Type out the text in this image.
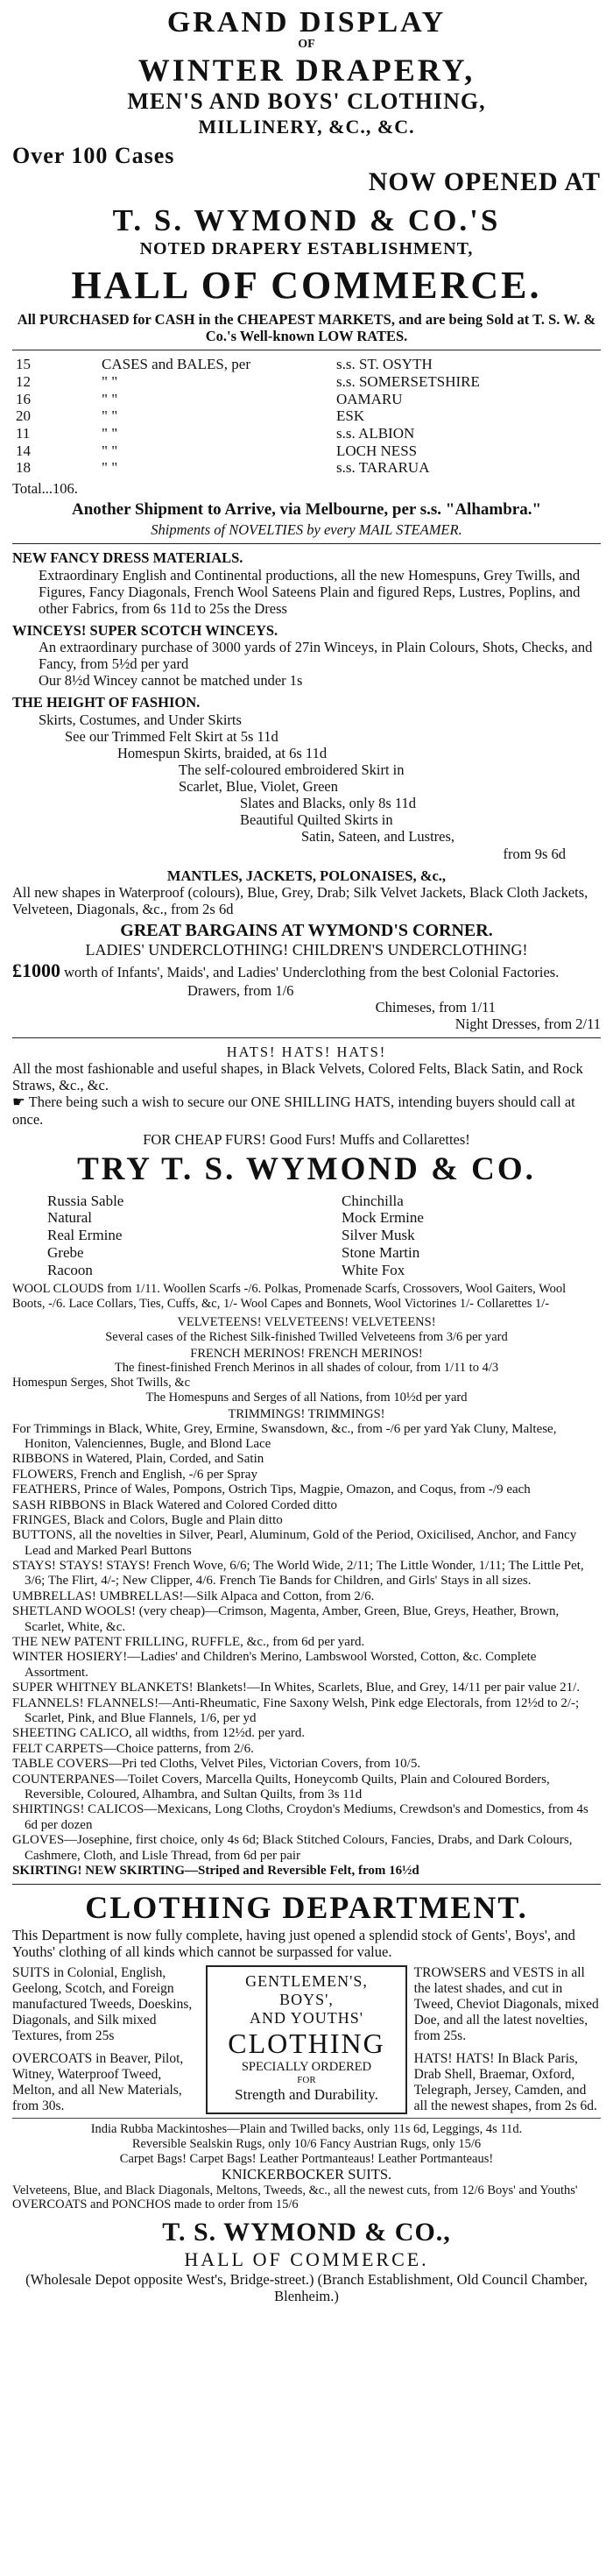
GRAND DISPLAY
OF
WINTER DRAPERY,
MEN'S AND BOYS' CLOTHING,
MILLINERY, &C., &C.
Over 100 Cases
NOW OPENED AT
T. S. WYMOND & CO.'S
NOTED DRAPERY ESTABLISHMENT,
HALL OF COMMERCE.

All PURCHASED for CASH in the CHEAPEST MARKETS, and are being Sold at T. S. W. & Co.'s Well-known LOW RATES.

15	CASES and BALES, per	s.s. ST. OSYTH
12	" "	s.s. SOMERSETSHIRE
16	" "	OAMARU
20	" "	ESK
11	" "	s.s. ALBION
14	" "	LOCH NESS
18	" "	s.s. TARARUA
Total...106.
Another Shipment to Arrive, via Melbourne, per s.s. "Alhambra."
Shipments of NOVELTIES by every MAIL STEAMER.
NEW FANCY DRESS MATERIALS.

Extraordinary English and Continental productions, all the new Homespuns, Grey Twills, and Figures, Fancy Diagonals, French Wool Sateens Plain and figured Reps, Lustres, Poplins, and other Fabrics, from 6s 11d to 25s the Dress

WINCEYS! SUPER SCOTCH WINCEYS.

An extraordinary purchase of 3000 yards of 27in Winceys, in Plain Colours, Shots, Checks, and Fancy, from 5½d per yard

Our 8½d Wincey cannot be matched under 1s

THE HEIGHT OF FASHION.
Skirts, Costumes, and Under Skirts
See our Trimmed Felt Skirt at 5s 11d
Homespun Skirts, braided, at 6s 11d
The self-coloured embroidered Skirt in
Scarlet, Blue, Violet, Green
Slates and Blacks, only 8s 11d
Beautiful Quilted Skirts in
Satin, Sateen, and Lustres,
from 9s 6d
MANTLES, JACKETS, POLONAISES, &c.,

All new shapes in Waterproof (colours), Blue, Grey, Drab; Silk Velvet Jackets, Black Cloth Jackets, Velveteen, Diagonals, &c., from 2s 6d

GREAT BARGAINS AT WYMOND'S CORNER.
LADIES' UNDERCLOTHING! CHILDREN'S UNDERCLOTHING!

£1000 worth of Infants', Maids', and Ladies' Underclothing from the best Colonial Factories.

Drawers, from 1/6
Chimeses, from 1/11
Night Dresses, from 2/11
HATS! HATS! HATS!

All the most fashionable and useful shapes, in Black Velvets, Colored Felts, Black Satin, and Rock Straws, &c., &c.

☛ There being such a wish to secure our ONE SHILLING HATS, intending buyers should call at once.

FOR CHEAP FURS! Good Furs! Muffs and Collarettes!
TRY T. S. WYMOND & CO.
Russia Sable	Chinchilla
Natural	Mock Ermine
Real Ermine	Silver Musk
Grebe	Stone Martin
Racoon	White Fox

WOOL CLOUDS from 1/11. Woollen Scarfs -/6. Polkas, Promenade Scarfs, Crossovers, Wool Gaiters, Wool Boots, -/6. Lace Collars, Ties, Cuffs, &c, 1/- Wool Capes and Bonnets, Wool Victorines 1/- Collarettes 1/-

VELVETEENS! VELVETEENS! VELVETEENS!
Several cases of the Richest Silk-finished Twilled Velveteens from 3/6 per yard
FRENCH MERINOS! FRENCH MERINOS!
The finest-finished French Merinos in all shades of colour, from 1/11 to 4/3
Homespun Serges, Shot Twills, &c
The Homespuns and Serges of all Nations, from 10½d per yard
TRIMMINGS! TRIMMINGS!

For Trimmings in Black, White, Grey, Ermine, Swansdown, &c., from -/6 per yard Yak Cluny, Maltese, Honiton, Valenciennes, Bugle, and Blond Lace

RIBBONS in Watered, Plain, Corded, and Satin

FLOWERS, French and English, -/6 per Spray

FEATHERS, Prince of Wales, Pompons, Ostrich Tips, Magpie, Omazon, and Coqus, from -/9 each

SASH RIBBONS in Black Watered and Colored Corded ditto

FRINGES, Black and Colors, Bugle and Plain ditto

BUTTONS, all the novelties in Silver, Pearl, Aluminum, Gold of the Period, Oxicilised, Anchor, and Fancy Lead and Marked Pearl Buttons

STAYS! STAYS! STAYS! French Wove, 6/6; The World Wide, 2/11; The Little Wonder, 1/11; The Little Pet, 3/6; The Flirt, 4/-; New Clipper, 4/6. French Tie Bands for Children, and Girls' Stays in all sizes.

UMBRELLAS! UMBRELLAS!—Silk Alpaca and Cotton, from 2/6.

SHETLAND WOOLS! (very cheap)—Crimson, Magenta, Amber, Green, Blue, Greys, Heather, Brown, Scarlet, White, &c.

THE NEW PATENT FRILLING, RUFFLE, &c., from 6d per yard.

WINTER HOSIERY!—Ladies' and Children's Merino, Lambswool Worsted, Cotton, &c. Complete Assortment.

SUPER WHITNEY BLANKETS! Blankets!—In Whites, Scarlets, Blue, and Grey, 14/11 per pair value 21/.

FLANNELS! FLANNELS!—Anti-Rheumatic, Fine Saxony Welsh, Pink edge Electorals, from 12½d to 2/-; Scarlet, Pink, and Blue Flannels, 1/6, per yd

SHEETING CALICO, all widths, from 12½d. per yard.

FELT CARPETS—Choice patterns, from 2/6.

TABLE COVERS—Pri ted Cloths, Velvet Piles, Victorian Covers, from 10/5.

COUNTERPANES—Toilet Covers, Marcella Quilts, Honeycomb Quilts, Plain and Coloured Borders, Reversible, Coloured, Alhambra, and Sultan Quilts, from 3s 11d

SHIRTINGS! CALICOS—Mexicans, Long Cloths, Croydon's Mediums, Crewdson's and Domestics, from 4s 6d per dozen

GLOVES—Josephine, first choice, only 4s 6d; Black Stitched Colours, Fancies, Drabs, and Dark Colours, Cashmere, Cloth, and Lisle Thread, from 6d per pair

SKIRTING! NEW SKIRTING—Striped and Reversible Felt, from 16½d

CLOTHING DEPARTMENT.

This Department is now fully complete, having just opened a splendid stock of Gents', Boys', and Youths' clothing of all kinds which cannot be surpassed for value.

SUITS in Colonial, English, Geelong, Scotch, and Foreign manufactured Tweeds, Doeskins, Diagonals, and Silk mixed Textures, from 25s

OVERCOATS in Beaver, Pilot, Witney, Waterproof Tweed, Melton, and all New Materials, from 30s.

GENTLEMEN'S,
BOYS',
AND YOUTHS'
CLOTHING
SPECIALLY ORDERED
FOR
Strength and Durability.

TROWSERS and VESTS in all the latest shades, and cut in Tweed, Cheviot Diagonals, mixed Doe, and all the latest novelties, from 25s.

HATS! HATS! In Black Paris, Drab Shell, Braemar, Oxford, Telegraph, Jersey, Camden, and all the newest shapes, from 2s 6d.

India Rubba Mackintoshes—Plain and Twilled backs, only 11s 6d, Leggings, 4s 11d.
Reversible Sealskin Rugs, only 10/6 Fancy Austrian Rugs, only 15/6
Carpet Bags! Carpet Bags! Leather Portmanteaus! Leather Portmanteaus!
KNICKERBOCKER SUITS.

Velveteens, Blue, and Black Diagonals, Meltons, Tweeds, &c., all the newest cuts, from 12/6 Boys' and Youths' OVERCOATS and PONCHOS made to order from 15/6

T. S. WYMOND & CO.,
HALL OF COMMERCE.

(Wholesale Depot opposite West's, Bridge-street.) (Branch Establishment, Old Council Chamber, Blenheim.)
